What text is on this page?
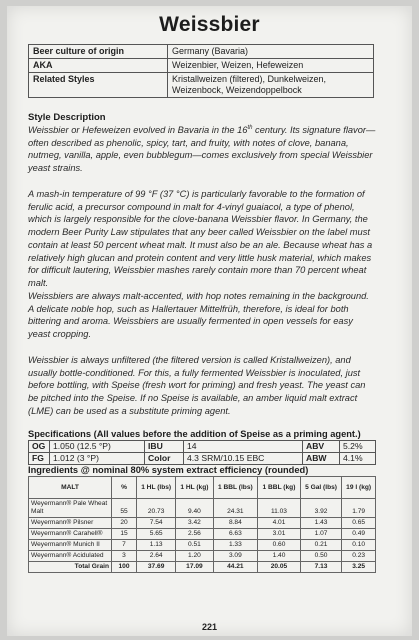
Weissbier
Beer culture of origin	Germany (Bavaria)
AKA	Weizenbier, Weizen, Hefeweizen
Related Styles	Kristallweizen (filtered), Dunkelweizen, Weizenbock, Weizendoppelbock
Style Description

Weissbier or Hefeweizen evolved in Bavaria in the 16th century. Its signature flavor—often described as phenolic, spicy, tart, and fruity, with notes of clove, banana, nutmeg, vanilla, apple, even bubblegum—comes exclusively from special Weissbier yeast strains.

A mash-in temperature of 99 °F (37 °C) is particularly favorable to the formation of ferulic acid, a precursor compound in malt for 4-vinyl guaiacol, a type of phenol, which is largely responsible for the clove-banana Weissbier flavor. In Germany, the modern Beer Purity Law stipulates that any beer called Weissbier on the label must contain at least 50 percent wheat malt. It must also be an ale. Because wheat has a relatively high glucan and protein content and very little husk material, which makes for difficult lautering, Weissbier mashes rarely contain more than 70 percent wheat malt.

Weissbiers are always malt-accented, with hop notes remaining in the background. A delicate noble hop, such as Hallertauer Mittelfrüh, therefore, is ideal for both bittering and aroma. Weissbiers are usually fermented in open vessels for easy yeast cropping.

Weissbier is always unfiltered (the filtered version is called Kristallweizen), and usually bottle-conditioned. For this, a fully fermented Weissbier is inoculated, just before bottling, with Speise (fresh wort for priming) and fresh yeast. The yeast can be pitched into the Speise. If no Speise is available, an amber liquid malt extract (LME) can be used as a substitute priming agent.

Specifications (All values before the addition of Speise as a priming agent.)
OG	1.050 (12.5 °P)	IBU	14	ABV	5.2%
FG	1.012 (3 °P)	Color	4.3 SRM/10.15 EBC	ABW	4.1%
Ingredients @ nominal 80% system extract efficiency (rounded)
MALT	%	1 HL (lbs)	1 HL (kg)	1 BBL (lbs)	1 BBL (kg)	5 Gal (lbs)	19 l (kg)
Weyermann® Pale Wheat Malt	55	20.73	9.40	24.31	11.03	3.92	1.79
Weyermann® Pilsner	20	7.54	3.42	8.84	4.01	1.43	0.65
Weyermann® Carahell®	15	5.65	2.56	6.63	3.01	1.07	0.49
Weyermann® Munich II	7	1.13	0.51	1.33	0.60	0.21	0.10
Weyermann® Acidulated	3	2.64	1.20	3.09	1.40	0.50	0.23
Total Grain	100	37.69	17.09	44.21	20.05	7.13	3.25
221
